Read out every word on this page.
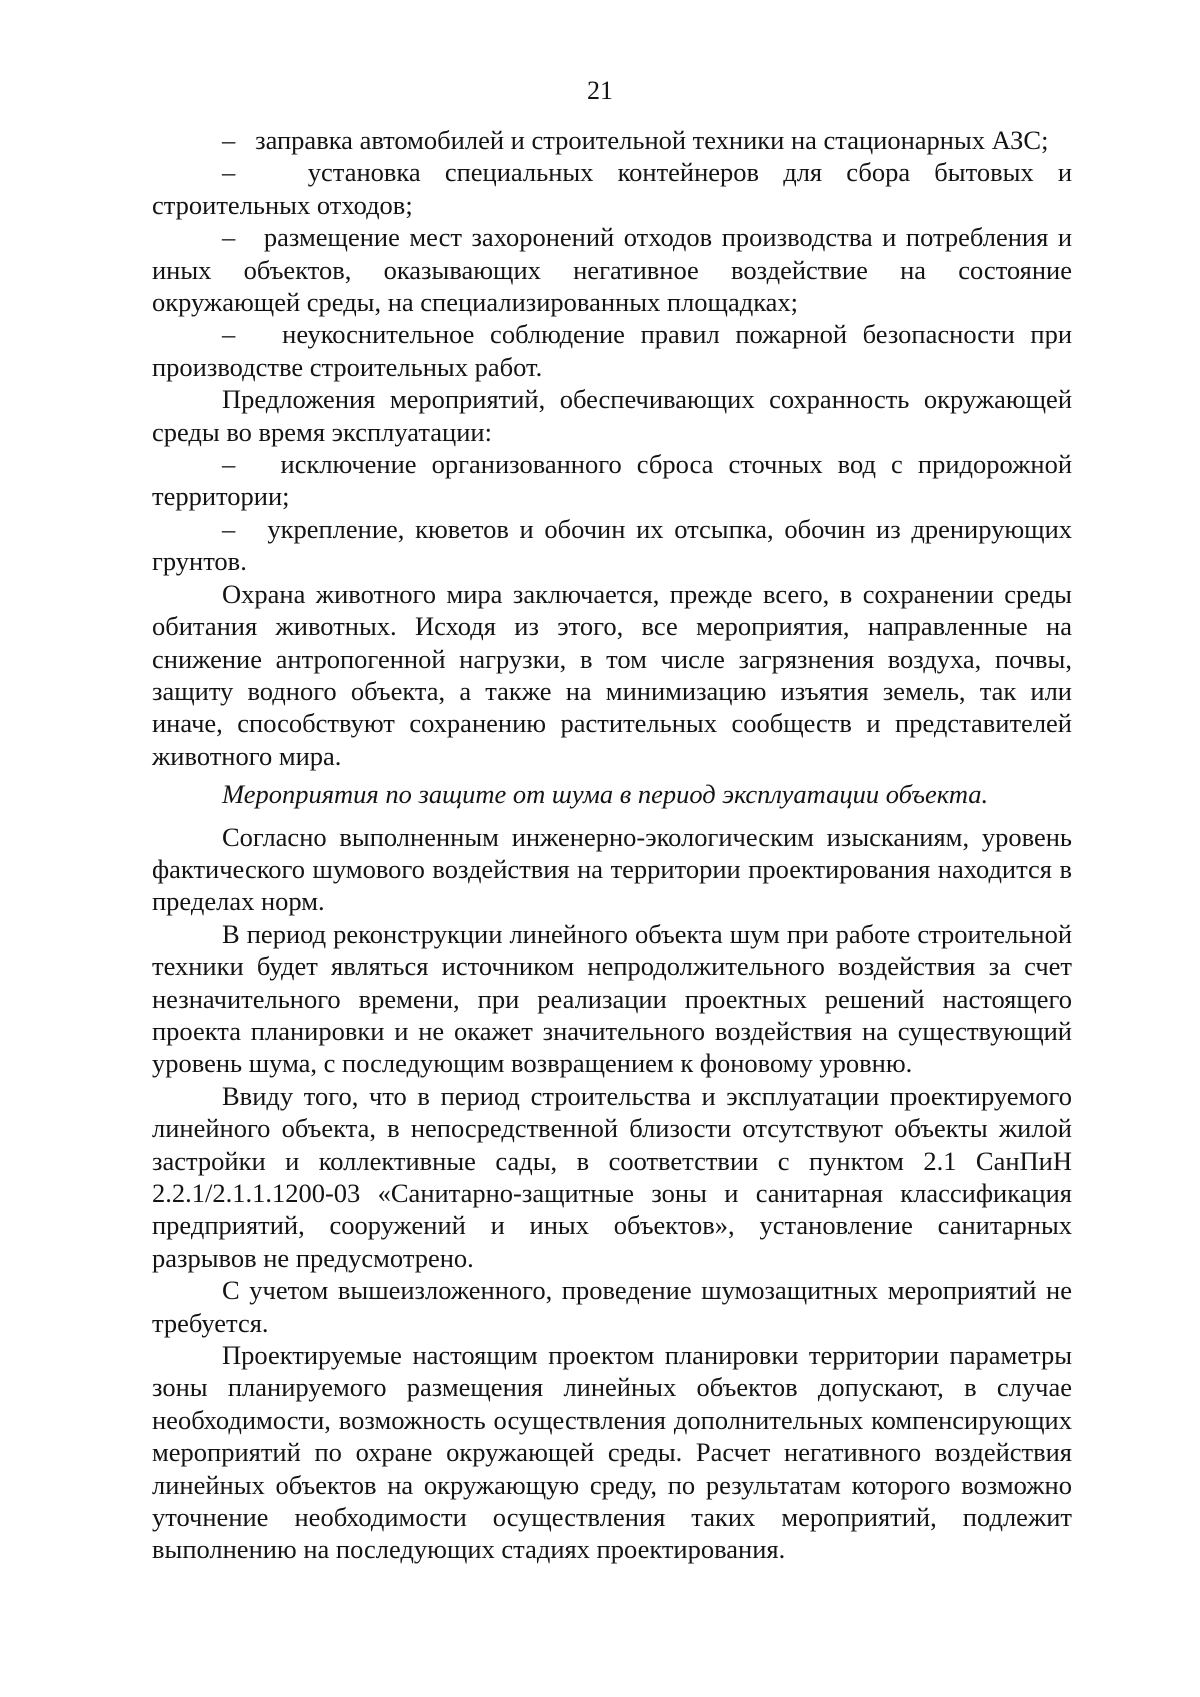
21

–   заправка автомобилей и строительной техники на стационарных АЗС;

–   установка специальных контейнеров для сбора бытовых и строительных отходов;

–   размещение мест захоронений отходов производства и потребления и иных объектов, оказывающих негативное воздействие на состояние окружающей среды, на специализированных площадках;

–   неукоснительное соблюдение правил пожарной безопасности при производстве строительных работ.

Предложения мероприятий, обеспечивающих сохранность окружающей среды во время эксплуатации:

–   исключение организованного сброса сточных вод с придорожной территории;

–   укрепление, кюветов и обочин их отсыпка, обочин из дренирующих грунтов.

Охрана животного мира заключается, прежде всего, в сохранении среды обитания животных. Исходя из этого, все мероприятия, направленные на снижение антропогенной нагрузки, в том числе загрязнения воздуха, почвы, защиту водного объекта, а также на минимизацию изъятия земель, так или иначе, способствуют сохранению растительных сообществ и представителей животного мира.

Мероприятия по защите от шума в период эксплуатации объекта.

Согласно выполненным инженерно-экологическим изысканиям, уровень фактического шумового воздействия на территории проектирования находится в пределах норм.

В период реконструкции линейного объекта шум при работе строительной техники будет являться источником непродолжительного воздействия за счет незначительного времени, при реализации проектных решений настоящего проекта планировки и не окажет значительного воздействия на существующий уровень шума, с последующим возвращением к фоновому уровню.

Ввиду того, что в период строительства и эксплуатации проектируемого линейного объекта, в непосредственной близости отсутствуют объекты жилой застройки и коллективные сады, в соответствии с пунктом 2.1 СанПиН 2.2.1/2.1.1.1200-03 «Санитарно-защитные зоны и санитарная классификация предприятий, сооружений и иных объектов», установление санитарных разрывов не предусмотрено.

С учетом вышеизложенного, проведение шумозащитных мероприятий не требуется.

Проектируемые настоящим проектом планировки территории параметры зоны планируемого размещения линейных объектов допускают, в случае необходимости, возможность осуществления дополнительных компенсирующих мероприятий по охране окружающей среды. Расчет негативного воздействия линейных объектов на окружающую среду, по результатам которого возможно уточнение необходимости осуществления таких мероприятий, подлежит выполнению на последующих стадиях проектирования.
